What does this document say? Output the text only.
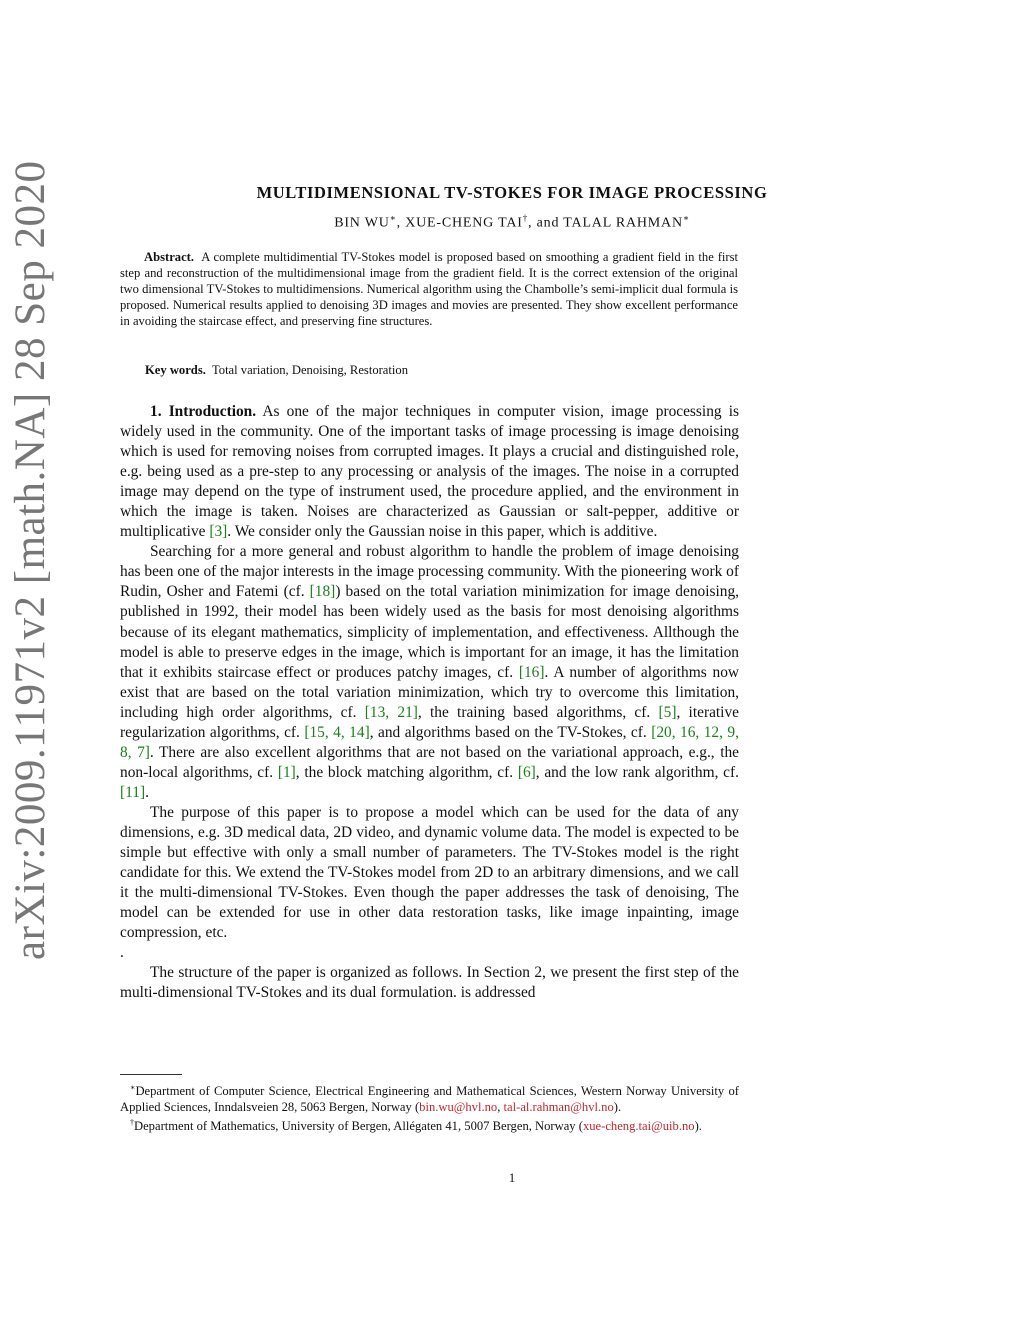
arXiv:2009.11971v2 [math.NA] 28 Sep 2020	MULTIDIMENSIONAL TV-STOKES FOR IMAGE PROCESSING
BIN WU∗, XUE-CHENG TAI†, and TALAL RAHMAN∗
Abstract. A complete multidimential TV-Stokes model is proposed based on smoothing a gradient field in the first step and reconstruction of the multidimensional image from the gradient field. It is the correct extension of the original two dimensional TV-Stokes to multidimensions. Numerical algorithm using the Chambolle’s semi-implicit dual formula is proposed. Numerical results applied to denoising 3D images and movies are presented. They show excellent performance in avoiding the staircase effect, and preserving fine structures.
Key words. Total variation, Denoising, Restoration

1. Introduction. As one of the major techniques in computer vision, image processing is widely used in the community. One of the important tasks of image processing is image denoising which is used for removing noises from corrupted images. It plays a crucial and distinguished role, e.g. being used as a pre-step to any processing or analysis of the images. The noise in a corrupted image may depend on the type of instrument used, the procedure applied, and the environment in which the image is taken. Noises are characterized as Gaussian or salt-pepper, additive or multiplicative [3]. We consider only the Gaussian noise in this paper, which is additive.

Searching for a more general and robust algorithm to handle the problem of image denoising has been one of the major interests in the image processing community. With the pioneering work of Rudin, Osher and Fatemi (cf. [18]) based on the total variation minimization for image denoising, published in 1992, their model has been widely used as the basis for most denoising algorithms because of its elegant mathematics, simplicity of implementation, and effectiveness. Allthough the model is able to preserve edges in the image, which is important for an image, it has the limitation that it exhibits staircase effect or produces patchy images, cf. [16]. A number of algorithms now exist that are based on the total variation minimization, which try to overcome this limitation, including high order algorithms, cf. [13, 21], the training based algorithms, cf. [5], iterative regularization algorithms, cf. [15, 4, 14], and algorithms based on the TV-Stokes, cf. [20, 16, 12, 9, 8, 7]. There are also excellent algorithms that are not based on the variational approach, e.g., the non-local algorithms, cf. [1], the block matching algorithm, cf. [6], and the low rank algorithm, cf. [11].

The purpose of this paper is to propose a model which can be used for the data of any dimensions, e.g. 3D medical data, 2D video, and dynamic volume data. The model is expected to be simple but effective with only a small number of parameters. The TV-Stokes model is the right candidate for this. We extend the TV-Stokes model from 2D to an arbitrary dimensions, and we call it the multi-dimensional TV-Stokes. Even though the paper addresses the task of denoising, The model can be extended for use in other data restoration tasks, like image inpainting, image compression, etc.

.

The structure of the paper is organized as follows. In Section 2, we present the first step of the multi-dimensional TV-Stokes and its dual formulation. is addressed

∗Department of Computer Science, Electrical Engineering and Mathematical Sciences, Western Norway University of Applied Sciences, Inndalsveien 28, 5063 Bergen, Norway (bin.wu@hvl.no, tal-al.rahman@hvl.no).

†Department of Mathematics, University of Bergen, Allégaten 41, 5007 Bergen, Norway (xue-cheng.tai@uib.no).

1
